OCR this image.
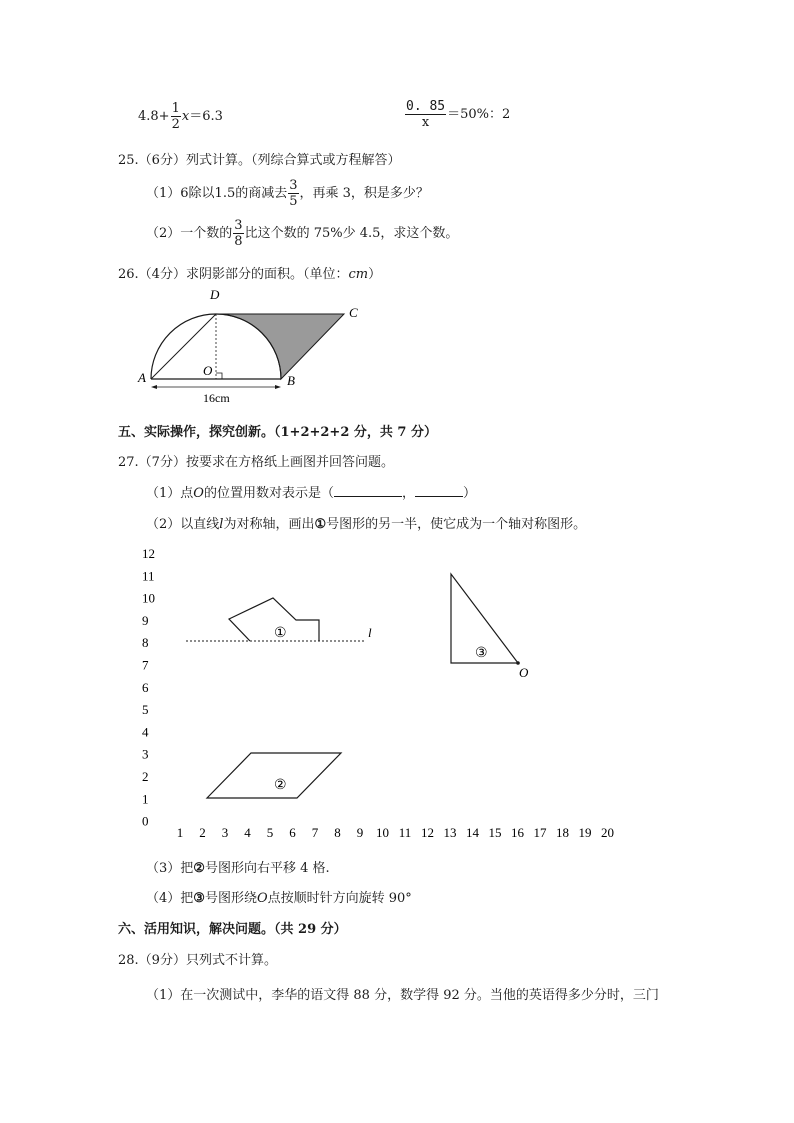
$4.8+ \frac{1}{2} x=6.3$	$\frac{0. 85}{x} =50\%$：2
25.（6分）列式计算。（列综合算式或方程解答）
（1）6除以1.5的商减去 $\frac{3}{5}$ ，再乘 3，积是多少？
（2）一个数的 $\frac{3}{8}$ 比这个数的 75%少 4.5，求这个数。
26.（4分）求阴影部分的面积。（单位：cm）
D
C
A	B
O
16cm
五、实际操作，探究创新。（1+2+2+2 分，共 7 分）
27.（7分）按要求在方格纸上画图并回答问题。
（1）点O的位置用数对表示是（	，	）
（2）以直线l为对称轴，画出①号图形的另一半，使它成为一个轴对称图形。
12
11
10
9
8
7
6
5
4
3
2
1
0
1 2 3 4 5 6 7 8 9 10 11 12 13 14 15 16 17 18 19 20
①	l
③
O
②
（3）把②号图形向右平移 4 格.
（4）把③号图形绕O点按顺时针方向旋转 90°
六、活用知识，解决问题。（共 29 分）
28.（9分）只列式不计算。
（1）在一次测试中，李华的语文得 88 分，数学得 92 分。当他的英语得多少分时，三门
